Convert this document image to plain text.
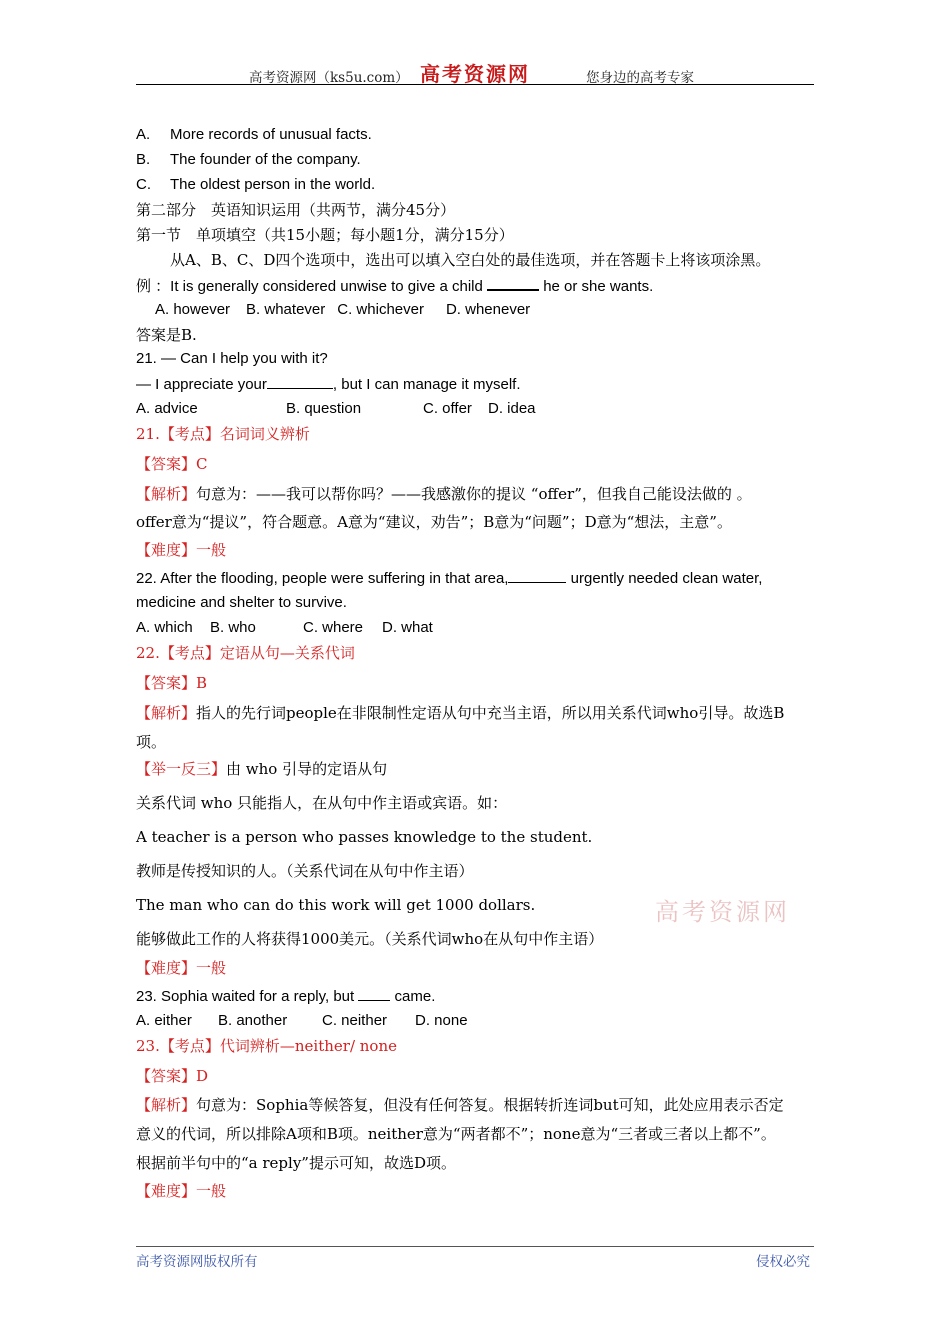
高考资源网（ks5u.com） 高考资源网	您身边的高考专家
A. More records of unusual facts.
B. The founder of the company.
C. The oldest person in the world.
第二部分　英语知识运用（共两节，满分45分）
第一节　单项填空（共15小题；每小题1分，满分15分）
从A、B、C、D四个选项中，选出可以填入空白处的最佳选项，并在答题卡上将该项涂黑。
例 ：It is generally considered unwise to give a child	he or she wants.
A. however B. whatever C. whichever D. whenever
答案是B.
21. — Can I help you with it?
— I appreciate your	, but I can manage it myself.
A. advice	B. question	C. offer D. idea
21.【考点】名词词义辨析
【答案】C
【解析】句意为：——我可以帮你吗？——我感激你的提议 “offer”，但我自己能设法做的 。
offer意为“提议”，符合题意。A意为“建议，劝告”；B意为“问题”；D意为“想法，主意”。
【难度】一般
22. After the flooding, people were suffering in that area,	urgently needed clean water,
medicine and shelter to survive.
A. which B. who	C. where D. what
22.【考点】定语从句—关系代词
【答案】B
【解析】指人的先行词people在非限制性定语从句中充当主语，所以用关系代词who引导。故选B
项。
【举一反三】由 who 引导的定语从句
关系代词 who 只能指人，在从句中作主语或宾语。如：
A teacher is a person who passes knowledge to the student.
教师是传授知识的人。（关系代词在从句中作主语）
The man who can do this work will get 1000 dollars.
能够做此工作的人将获得1000美元。（关系代词who在从句中作主语）
【难度】一般
23. Sophia waited for a reply, but	came.
A. either B. another C. neither D. none
23.【考点】代词辨析—neither/ none
【答案】D
【解析】句意为：Sophia等候答复，但没有任何答复。根据转折连词but可知，此处应用表示否定
意义的代词，所以排除A项和B项。neither意为“两者都不”；none意为“三者或三者以上都不”。
根据前半句中的“a reply”提示可知，故选D项。
【难度】一般
高考资源网
高考资源网版权所有	侵权必究
